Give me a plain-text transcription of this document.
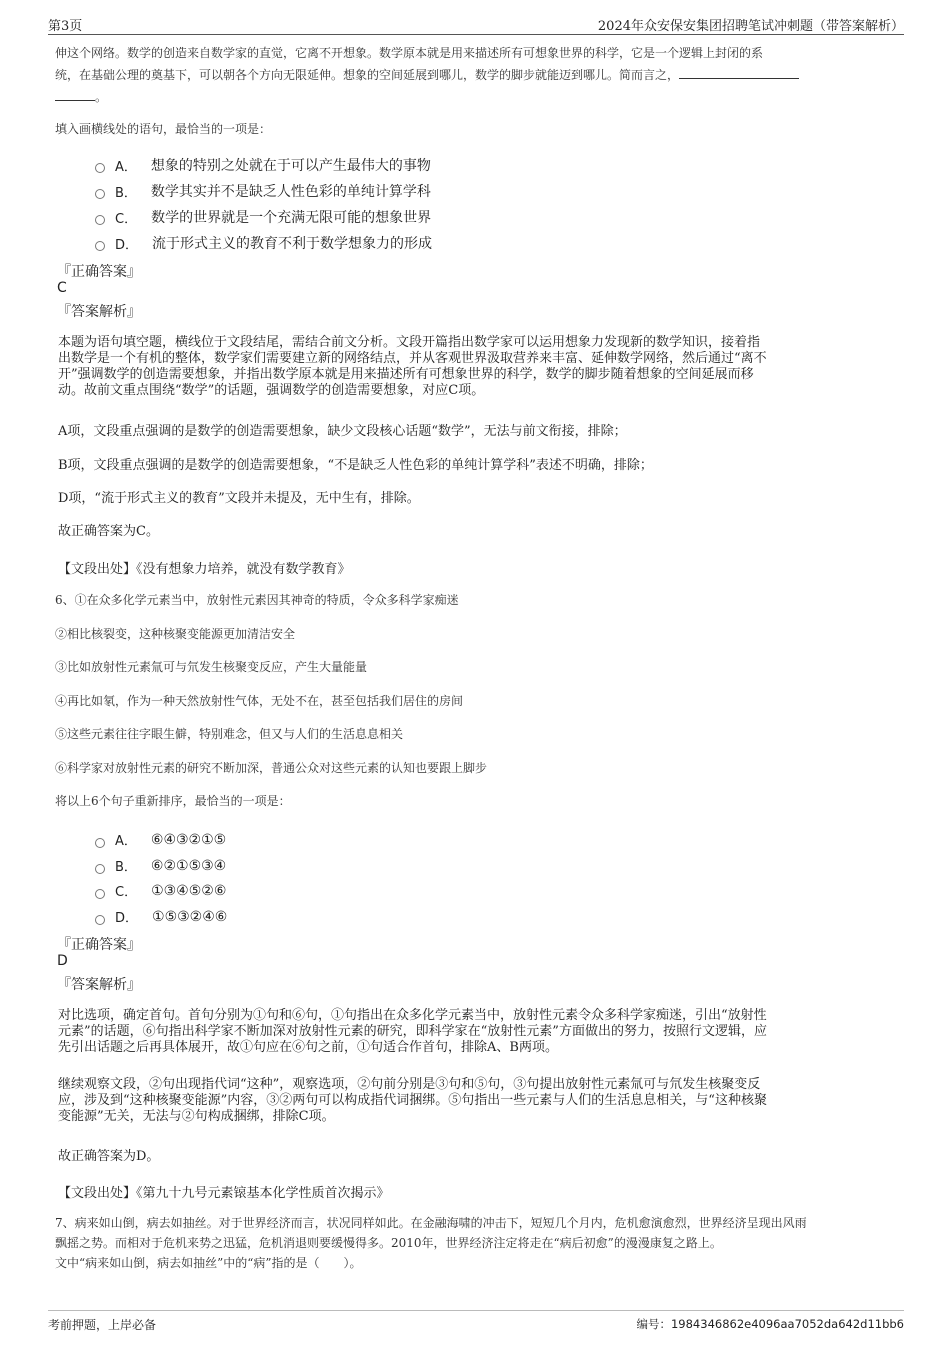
第3页	2024年众安保安集团招聘笔试冲刺题（带答案解析）
伸这个网络。数学的创造来自数学家的直觉，它离不开想象。数学原本就是用来描述所有可想象世界的科学，它是一个逻辑上封闭的系
统，在基础公理的奠基下，可以朝各个方向无限延伸。想象的空间延展到哪儿，数学的脚步就能迈到哪儿。简而言之，
。
填入画横线处的语句，最恰当的一项是：
A． 想象的特别之处就在于可以产生最伟大的事物
B． 数学其实并不是缺乏人性色彩的单纯计算学科
C． 数学的世界就是一个充满无限可能的想象世界
D． 流于形式主义的教育不利于数学想象力的形成
『正确答案』
C
『答案解析』
本题为语句填空题，横线位于文段结尾，需结合前文分析。文段开篇指出数学家可以运用想象力发现新的数学知识，接着指
出数学是一个有机的整体，数学家们需要建立新的网络结点，并从客观世界汲取营养来丰富、延伸数学网络，然后通过“离不
开”强调数学的创造需要想象，并指出数学原本就是用来描述所有可想象世界的科学，数学的脚步随着想象的空间延展而移
动。故前文重点围绕“数学”的话题，强调数学的创造需要想象，对应C项。
A项，文段重点强调的是数学的创造需要想象，缺少文段核心话题“数学”，无法与前文衔接，排除；
B项，文段重点强调的是数学的创造需要想象，“不是缺乏人性色彩的单纯计算学科”表述不明确，排除；
D项，“流于形式主义的教育”文段并未提及，无中生有，排除。
故正确答案为C。
【文段出处】《没有想象力培养，就没有数学教育》
6、①在众多化学元素当中，放射性元素因其神奇的特质，令众多科学家痴迷
②相比核裂变，这种核聚变能源更加清洁安全
③比如放射性元素氚可与氘发生核聚变反应，产生大量能量
④再比如氡，作为一种天然放射性气体，无处不在，甚至包括我们居住的房间
⑤这些元素往往字眼生僻，特别难念，但又与人们的生活息息相关
⑥科学家对放射性元素的研究不断加深，普通公众对这些元素的认知也要跟上脚步
将以上6个句子重新排序，最恰当的一项是：
A． ⑥④③②①⑤
B． ⑥②①⑤③④
C． ①③④⑤②⑥
D． ①⑤③②④⑥
『正确答案』
D
『答案解析』
对比选项，确定首句。首句分别为①句和⑥句，①句指出在众多化学元素当中，放射性元素令众多科学家痴迷，引出“放射性
元素”的话题，⑥句指出科学家不断加深对放射性元素的研究，即科学家在“放射性元素”方面做出的努力，按照行文逻辑，应
先引出话题之后再具体展开，故①句应在⑥句之前，①句适合作首句，排除A、B两项。
继续观察文段，②句出现指代词“这种”，观察选项，②句前分别是③句和⑤句，③句提出放射性元素氚可与氘发生核聚变反
应，涉及到“这种核聚变能源”内容，③②两句可以构成指代词捆绑。⑤句指出一些元素与人们的生活息息相关，与“这种核聚
变能源”无关，无法与②句构成捆绑，排除C项。
故正确答案为D。
【文段出处】《第九十九号元素锿基本化学性质首次揭示》
7、病来如山倒，病去如抽丝。对于世界经济而言，状况同样如此。在金融海啸的冲击下，短短几个月内，危机愈演愈烈，世界经济呈现出风雨
飘摇之势。而相对于危机来势之迅猛，危机消退则要缓慢得多。2010年，世界经济注定将走在“病后初愈”的漫漫康复之路上。
文中“病来如山倒，病去如抽丝”中的“病”指的是（　　）。
考前押题，上岸必备	编号：1984346862e4096aa7052da642d11bb6
